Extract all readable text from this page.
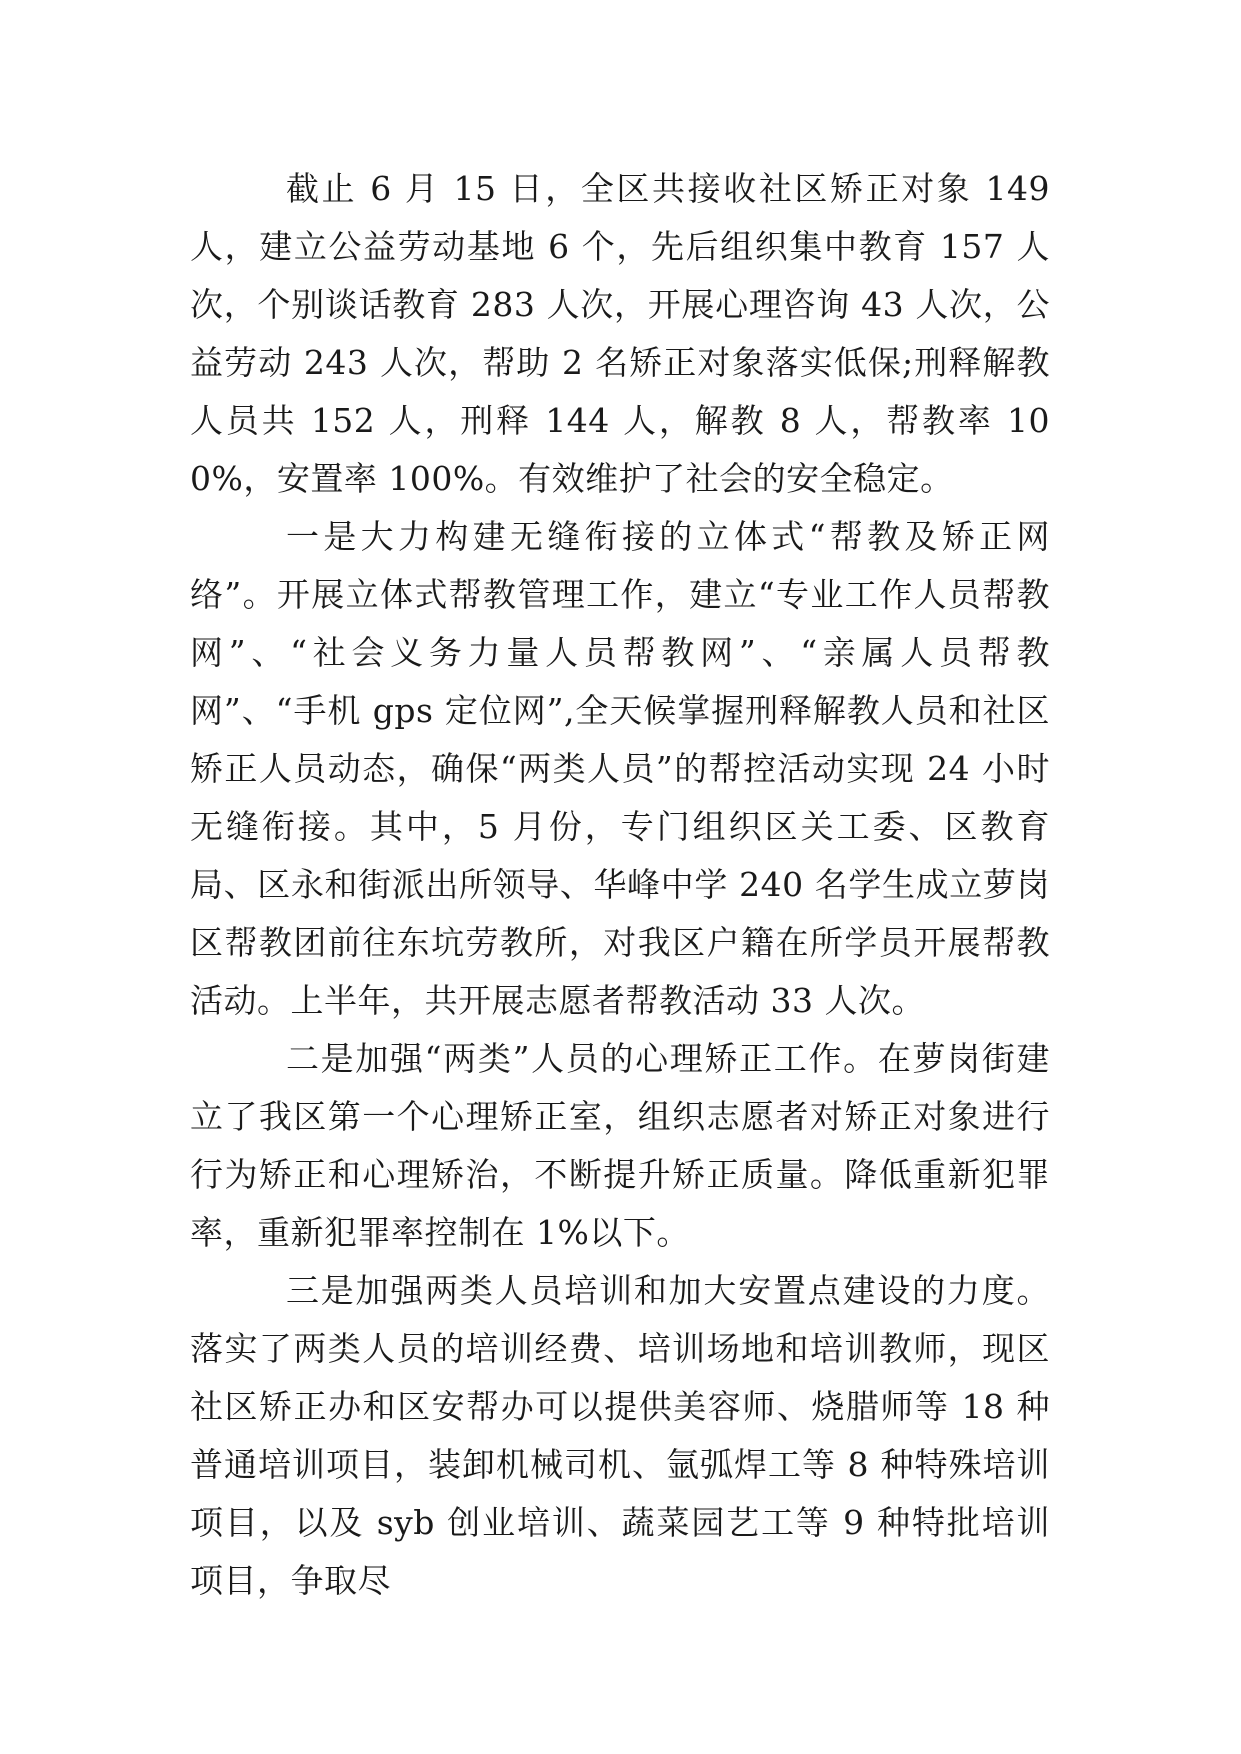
截止 6 月 15 日，全区共接收社区矫正对象 149 人，建立公益劳动基地 6 个，先后组织集中教育 157 人次，个别谈话教育 283 人次，开展心理咨询 43 人次，公益劳动 243 人次，帮助 2 名矫正对象落实低保;刑释解教人员共 152 人，刑释 144 人，解教 8 人，帮教率 100%，安置率 100%。有效维护了社会的安全稳定。

一是大力构建无缝衔接的立体式“帮教及矫正网络”。开展立体式帮教管理工作，建立“专业工作人员帮教网”、“社会义务力量人员帮教网”、“亲属人员帮教网”、“手机 gps 定位网”,全天候掌握刑释解教人员和社区矫正人员动态，确保“两类人员”的帮控活动实现 24 小时无缝衔接。其中，5 月份，专门组织区关工委、区教育局、区永和街派出所领导、华峰中学 240 名学生成立萝岗区帮教团前往东坑劳教所，对我区户籍在所学员开展帮教活动。上半年，共开展志愿者帮教活动 33 人次。

二是加强“两类”人员的心理矫正工作。在萝岗街建立了我区第一个心理矫正室，组织志愿者对矫正对象进行行为矫正和心理矫治，不断提升矫正质量。降低重新犯罪率，重新犯罪率控制在 1%以下。

三是加强两类人员培训和加大安置点建设的力度。落实了两类人员的培训经费、培训场地和培训教师，现区社区矫正办和区安帮办可以提供美容师、烧腊师等 18 种普通培训项目，装卸机械司机、氩弧焊工等 8 种特殊培训项目，以及 syb 创业培训、蔬菜园艺工等 9 种特批培训项目，争取尽
